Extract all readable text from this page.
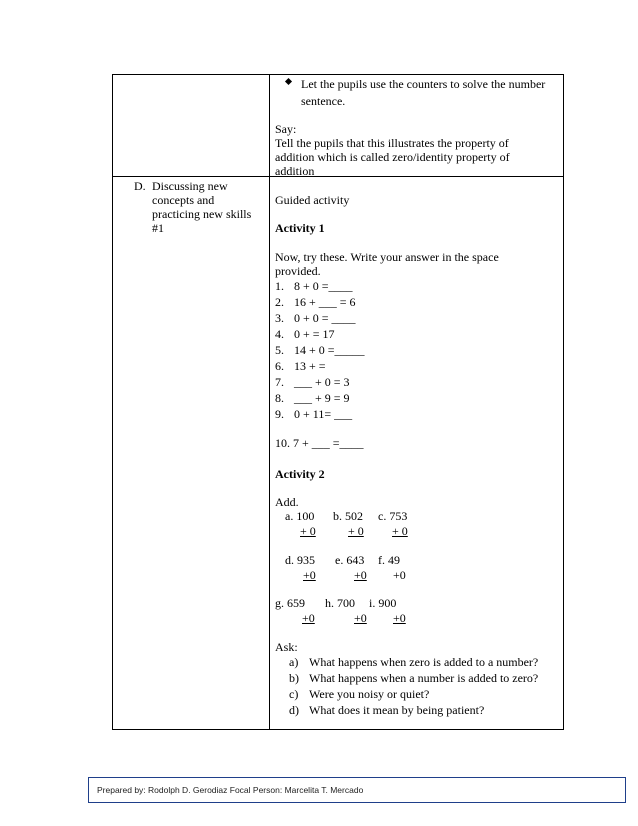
Let the pupils use the counters to solve the number
sentence.
Say:
Tell the pupils that this illustrates the property of
addition which is called zero/identity property of
addition
D. Discussing new
concepts and
practicing new skills
#1
Guided activity
Activity 1
Now, try these. Write your answer in the space
provided.
1. 8 + 0 =____
2. 16 + ___ = 6
3. 0 + 0 = ____
4. 0 + = 17
5. 14 + 0 =_____
6. 13 + =
7. ___ + 0 = 3
8. ___ + 9 = 9
9. 0 + 11= ___
10. 7 + ___ =____
Activity 2
Add.
a. 100 b. 502 c. 753
+ 0	+ 0 + 0
d. 935 e. 643 f. 49
+0	+0 +0
g. 659 h. 700 i. 900
+0	+0 +0
Ask:
a) What happens when zero is added to a number?
b) What happens when a number is added to zero?
c) Were you noisy or quiet?
d) What does it mean by being patient?
Prepared by: Rodolph D. Gerodiaz Focal Person: Marcelita T. Mercado
